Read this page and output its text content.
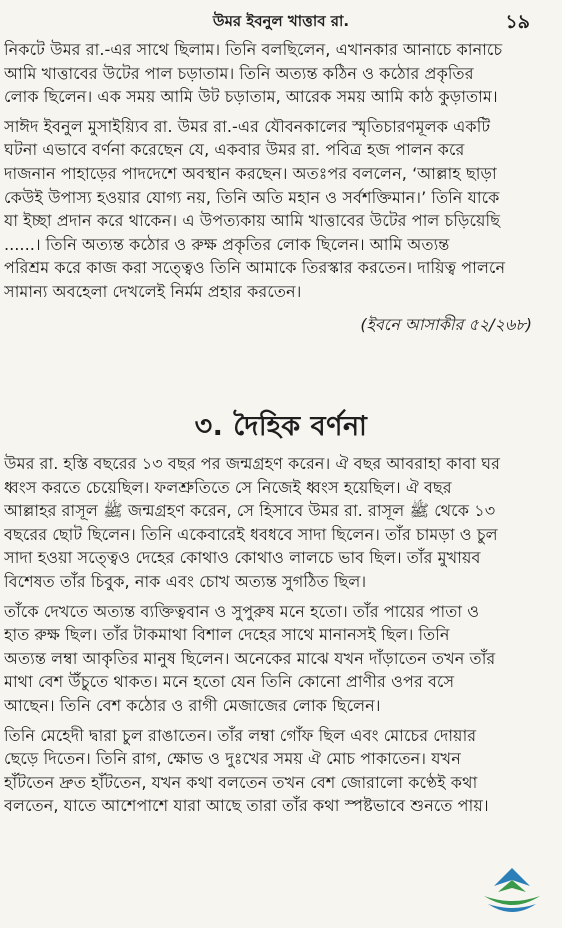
উমর ইবনুল খাত্তাব রা.	১৯
নিকটে উমর রা.-এর সাথে ছিলাম। তিনি বলছিলেন, এখানকার আনাচে কানাচে
আমি খাত্তাবের উটের পাল চড়াতাম। তিনি অত্যন্ত কঠিন ও কঠোর প্রকৃতির
লোক ছিলেন। এক সময় আমি উট চড়াতাম, আরেক সময় আমি কাঠ কুড়াতাম।
সাঈদ ইবনুল মুসাইয়্যিব রা. উমর রা.-এর যৌবনকালের স্মৃতিচারণমূলক একটি
ঘটনা এভাবে বর্ণনা করেছেন যে, একবার উমর রা. পবিত্র হজ পালন করে
দাজনান পাহাড়ের পাদদেশে অবস্থান করছেন। অতঃপর বললেন, ‘আল্লাহ ছাড়া
কেউই উপাস্য হওয়ার যোগ্য নয়, তিনি অতি মহান ও সর্বশক্তিমান।’ তিনি যাকে
যা ইচ্ছা প্রদান করে থাকেন। এ উপত্যকায় আমি খাত্তাবের উটের পাল চড়িয়েছি
......। তিনি অত্যন্ত কঠোর ও রুক্ষ প্রকৃতির লোক ছিলেন। আমি অত্যন্ত
পরিশ্রম করে কাজ করা সত্ত্বেও তিনি আমাকে তিরস্কার করতেন। দায়িত্ব পালনে
সামান্য অবহেলা দেখলেই নির্মম প্রহার করতেন।
(ইবনে আসাকীর ৫২/২৬৮)
৩. দৈহিক বর্ণনা
উমর রা. হস্তি বছরের ১৩ বছর পর জন্মগ্রহণ করেন। ঐ বছর আবরাহা কাবা ঘর
ধ্বংস করতে চেয়েছিল। ফলশ্রুতিতে সে নিজেই ধ্বংস হয়েছিল। ঐ বছর
আল্লাহর রাসূল ﷺ জন্মগ্রহণ করেন, সে হিসাবে উমর রা. রাসূল ﷺ থেকে ১৩
বছরের ছোট ছিলেন। তিনি একেবারেই ধবধবে সাদা ছিলেন। তাঁর চামড়া ও চুল
সাদা হওয়া সত্ত্বেও দেহের কোথাও কোথাও লালচে ভাব ছিল। তাঁর মুখায়ব
বিশেষত তাঁর চিবুক, নাক এবং চোখ অত্যন্ত সুগঠিত ছিল।
তাঁকে দেখতে অত্যন্ত ব্যক্তিত্ববান ও সুপুরুষ মনে হতো। তাঁর পায়ের পাতা ও
হাত রুক্ষ ছিল। তাঁর টাকমাথা বিশাল দেহের সাথে মানানসই ছিল। তিনি
অত্যন্ত লম্বা আকৃতির মানুষ ছিলেন। অনেকের মাঝে যখন দাঁড়াতেন তখন তাঁর
মাথা বেশ উঁচুতে থাকত। মনে হতো যেন তিনি কোনো প্রাণীর ওপর বসে
আছেন। তিনি বেশ কঠোর ও রাগী মেজাজের লোক ছিলেন।
তিনি মেহেদী দ্বারা চুল রাঙাতেন। তাঁর লম্বা গোঁফ ছিল এবং মোচের দোয়ার
ছেড়ে দিতেন। তিনি রাগ, ক্ষোভ ও দুঃখের সময় ঐ মোচ পাকাতেন। যখন
হাঁটতেন দ্রুত হাঁটতেন, যখন কথা বলতেন তখন বেশ জোরালো কণ্ঠেই কথা
বলতেন, যাতে আশেপাশে যারা আছে তারা তাঁর কথা স্পষ্টভাবে শুনতে পায়।
